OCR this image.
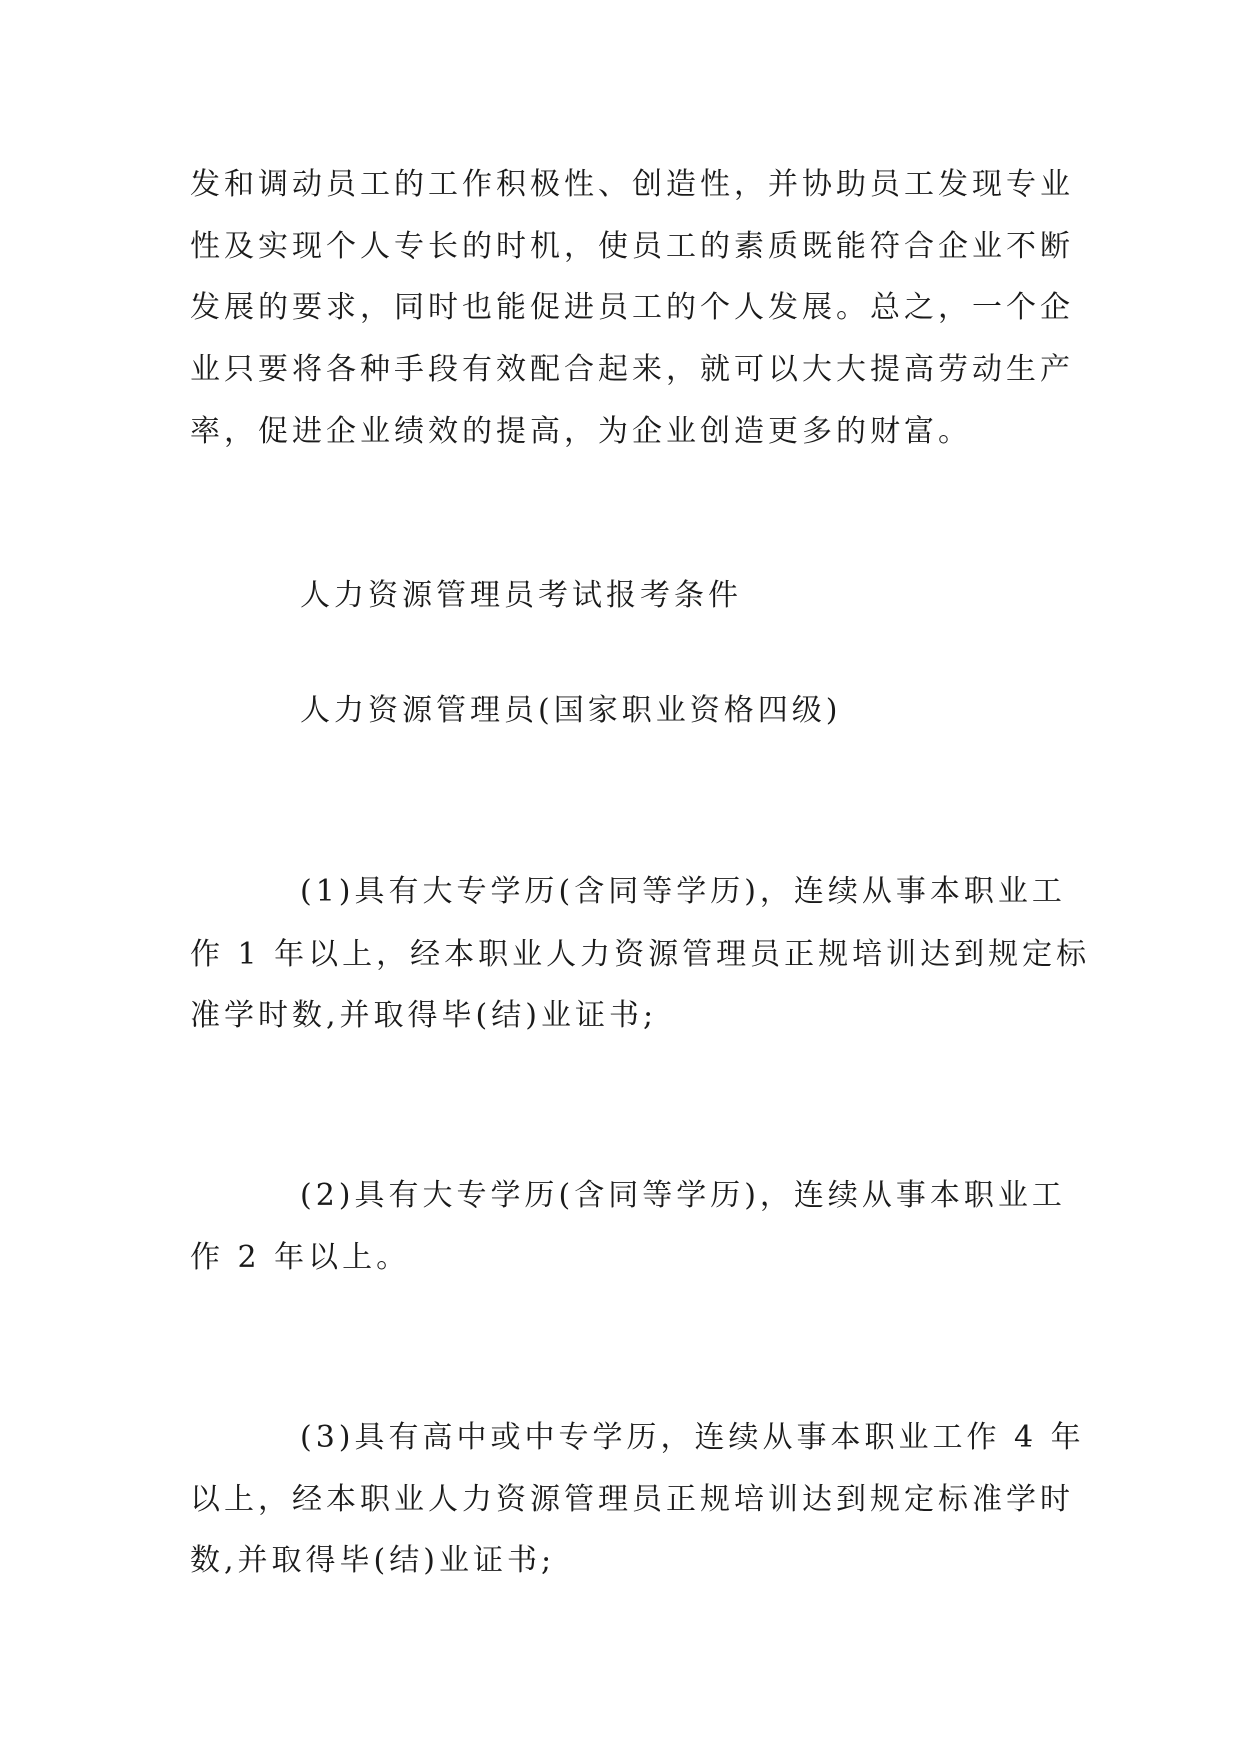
发和调动员工的工作积极性、创造性，并协助员工发现专业
性及实现个人专长的时机，使员工的素质既能符合企业不断
发展的要求，同时也能促进员工的个人发展。总之，一个企
业只要将各种手段有效配合起来，就可以大大提高劳动生产
率，促进企业绩效的提高，为企业创造更多的财富。
人力资源管理员考试报考条件
人力资源管理员(国家职业资格四级)
(1)具有大专学历(含同等学历)，连续从事本职业工
作 1 年以上，经本职业人力资源管理员正规培训达到规定标
准学时数,并取得毕(结)业证书;
(2)具有大专学历(含同等学历)，连续从事本职业工
作 2 年以上。
(3)具有高中或中专学历，连续从事本职业工作 4 年
以上，经本职业人力资源管理员正规培训达到规定标准学时
数,并取得毕(结)业证书;
